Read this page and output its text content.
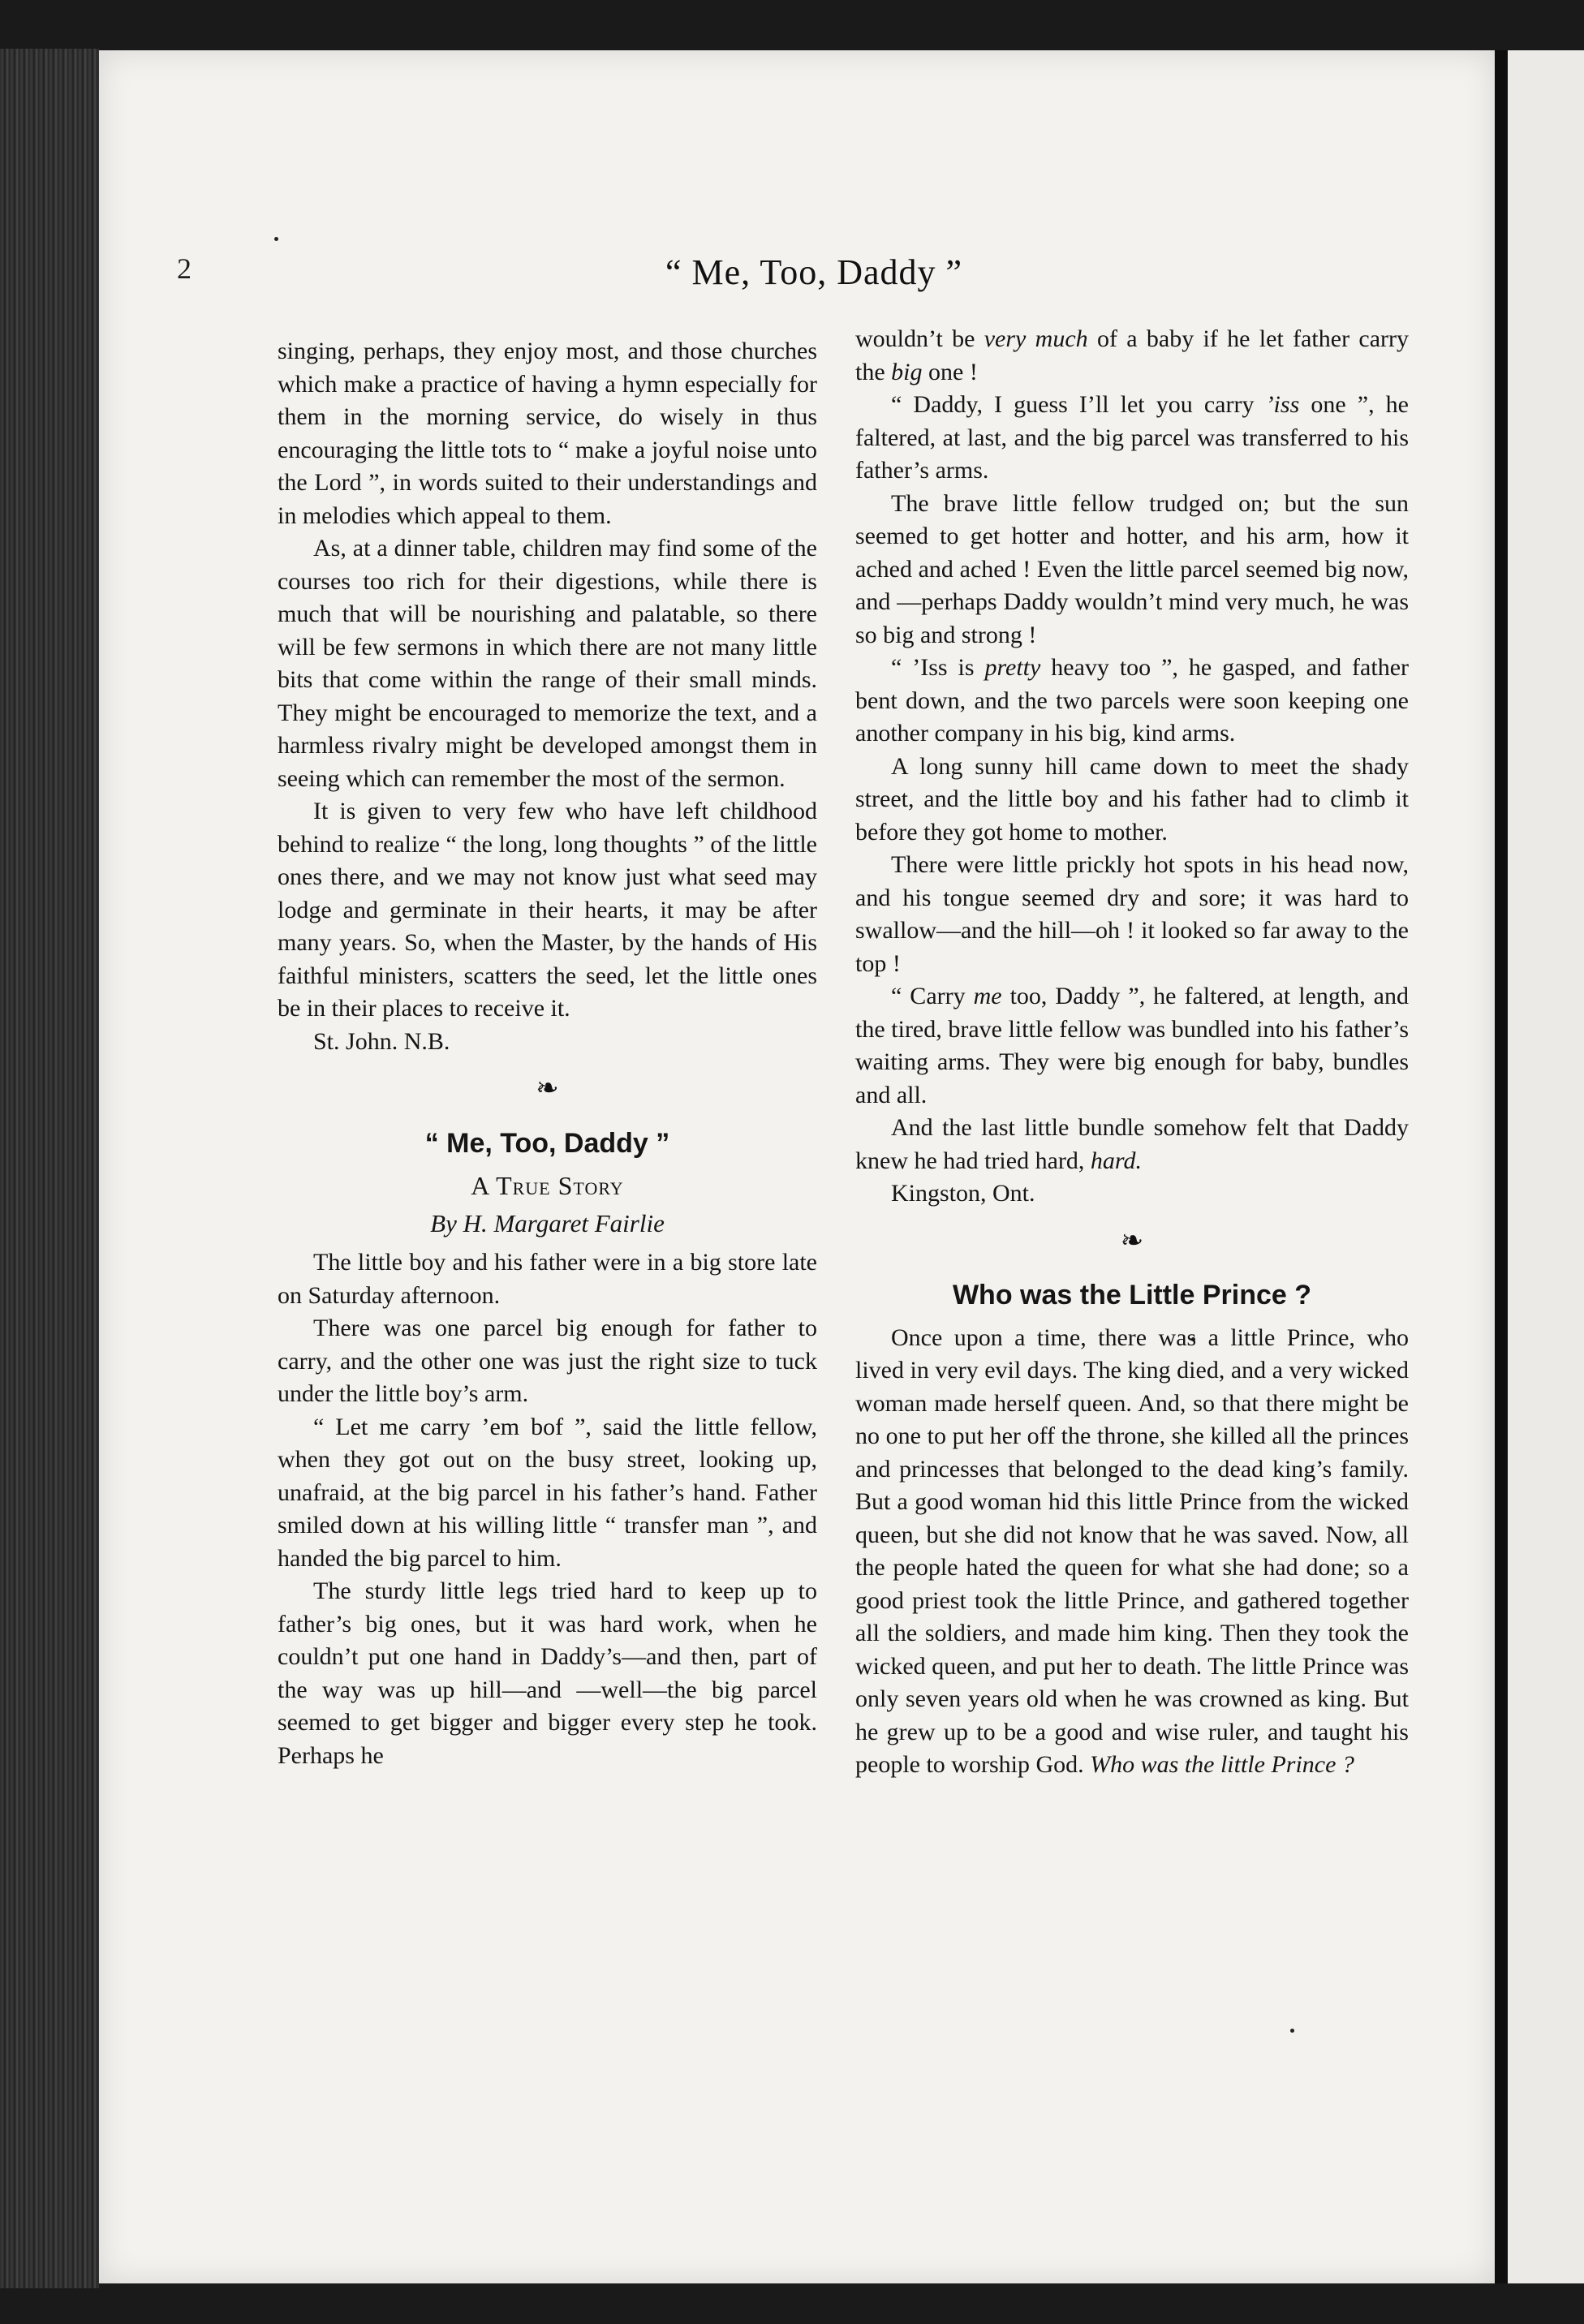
2	“ Me, Too, Daddy ”

singing, perhaps, they enjoy most, and those churches which make a practice of having a hymn especially for them in the morning service, do wisely in thus encouraging the little tots to “ make a joyful noise unto the Lord ”, in words suited to their understandings and in melodies which appeal to them.

As, at a dinner table, children may find some of the courses too rich for their digestions, while there is much that will be nourishing and palatable, so there will be few sermons in which there are not many little bits that come within the range of their small minds. They might be encouraged to memorize the text, and a harmless rivalry might be developed amongst them in seeing which can remember the most of the sermon.

It is given to very few who have left childhood behind to realize “ the long, long thoughts ” of the little ones there, and we may not know just what seed may lodge and germinate in their hearts, it may be after many years. So, when the Master, by the hands of His faithful ministers, scatters the seed, let the little ones be in their places to receive it.

St. John. N.B.

❧
“ Me, Too, Daddy ”
A True Story
By H. Margaret Fairlie

The little boy and his father were in a big store late on Saturday afternoon.

There was one parcel big enough for father to carry, and the other one was just the right size to tuck under the little boy’s arm.

“ Let me carry ’em bof ”, said the little fellow, when they got out on the busy street, looking up, unafraid, at the big parcel in his father’s hand. Father smiled down at his willing little “ transfer man ”, and handed the big parcel to him.

The sturdy little legs tried hard to keep up to father’s big ones, but it was hard work, when he couldn’t put one hand in Daddy’s—and then, part of the way was up hill—and —well—the big parcel seemed to get bigger and bigger every step he took. Perhaps he

wouldn’t be very much of a baby if he let father carry the big one !

“ Daddy, I guess I’ll let you carry ’iss one ”, he faltered, at last, and the big parcel was transferred to his father’s arms.

The brave little fellow trudged on; but the sun seemed to get hotter and hotter, and his arm, how it ached and ached ! Even the little parcel seemed big now, and —perhaps Daddy wouldn’t mind very much, he was so big and strong !

“ ’Iss is pretty heavy too ”, he gasped, and father bent down, and the two parcels were soon keeping one another company in his big, kind arms.

A long sunny hill came down to meet the shady street, and the little boy and his father had to climb it before they got home to mother.

There were little prickly hot spots in his head now, and his tongue seemed dry and sore; it was hard to swallow—and the hill—oh ! it looked so far away to the top !

“ Carry me too, Daddy ”, he faltered, at length, and the tired, brave little fellow was bundled into his father’s waiting arms. They were big enough for baby, bundles and all.

And the last little bundle somehow felt that Daddy knew he had tried hard, hard.

Kingston, Ont.

❧
Who was the Little Prince ?

Once upon a time, there was a little Prince, who lived in very evil days. The king died, and a very wicked woman made herself queen. And, so that there might be no one to put her off the throne, she killed all the princes and princesses that belonged to the dead king’s family. But a good woman hid this little Prince from the wicked queen, but she did not know that he was saved. Now, all the people hated the queen for what she had done; so a good priest took the little Prince, and gathered together all the soldiers, and made him king. Then they took the wicked queen, and put her to death. The little Prince was only seven years old when he was crowned as king. But he grew up to be a good and wise ruler, and taught his people to worship God. Who was the little Prince ?
